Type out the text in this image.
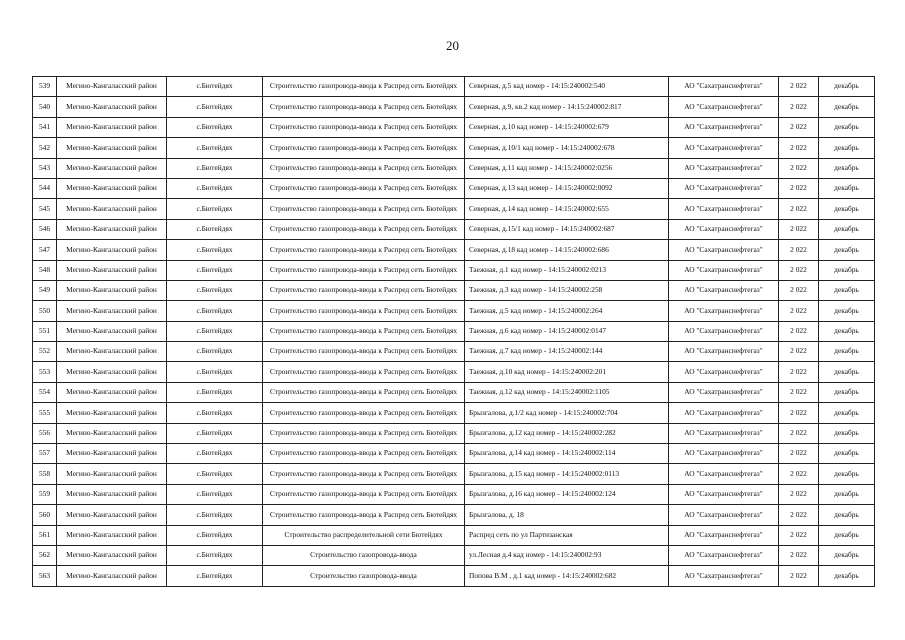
20
539	Мегино-Кангаласский район	с.Бютейдях	Строительство газопровода-ввода к Распред сеть Бютейдях	Северная, д.5 кад номер - 14:15:240002:540	АО "Сахатранснефтегаз"	2 022	декабрь
540	Мегино-Кангаласский район	с.Бютейдях	Строительство газопровода-ввода к Распред сеть Бютейдях	Северная, д.9, кв.2 кад номер - 14:15:240002:817	АО "Сахатранснефтегаз"	2 022	декабрь
541	Мегино-Кангаласский район	с.Бютейдях	Строительство газопровода-ввода к Распред сеть Бютейдях	Северная, д.10 кад номер - 14:15:240002:679	АО "Сахатранснефтегаз"	2 022	декабрь
542	Мегино-Кангаласский район	с.Бютейдях	Строительство газопровода-ввода к Распред сеть Бютейдях	Северная, д.10/1 кад номер - 14:15:240002:678	АО "Сахатранснефтегаз"	2 022	декабрь
543	Мегино-Кангаласский район	с.Бютейдях	Строительство газопровода-ввода к Распред сеть Бютейдях	Северная, д.11 кад номер - 14:15:240002:0256	АО "Сахатранснефтегаз"	2 022	декабрь
544	Мегино-Кангаласский район	с.Бютейдях	Строительство газопровода-ввода к Распред сеть Бютейдях	Северная, д.13 кад номер - 14:15:240002:0092	АО "Сахатранснефтегаз"	2 022	декабрь
545	Мегино-Кангаласский район	с.Бютейдях	Строительство газопровода-ввода к Распред сеть Бютейдях	Северная, д.14 кад номер - 14:15:240002:655	АО "Сахатранснефтегаз"	2 022	декабрь
546	Мегино-Кангаласский район	с.Бютейдях	Строительство газопровода-ввода к Распред сеть Бютейдях	Северная, д.15/1 кад номер - 14:15:240002:687	АО "Сахатранснефтегаз"	2 022	декабрь
547	Мегино-Кангаласский район	с.Бютейдях	Строительство газопровода-ввода к Распред сеть Бютейдях	Северная, д.18 кад номер - 14:15:240002:686	АО "Сахатранснефтегаз"	2 022	декабрь
548	Мегино-Кангаласский район	с.Бютейдях	Строительство газопровода-ввода к Распред сеть Бютейдях	Таежная, д.1 кад номер - 14:15:240002:0213	АО "Сахатранснефтегаз"	2 022	декабрь
549	Мегино-Кангаласский район	с.Бютейдях	Строительство газопровода-ввода к Распред сеть Бютейдях	Таежная, д.3 кад номер - 14:15:240002:258	АО "Сахатранснефтегаз"	2 022	декабрь
550	Мегино-Кангаласский район	с.Бютейдях	Строительство газопровода-ввода к Распред сеть Бютейдях	Таежная, д.5 кад номер - 14:15:240002:264	АО "Сахатранснефтегаз"	2 022	декабрь
551	Мегино-Кангаласский район	с.Бютейдях	Строительство газопровода-ввода к Распред сеть Бютейдях	Таежная, д.6 кад номер - 14:15:240002:0147	АО "Сахатранснефтегаз"	2 022	декабрь
552	Мегино-Кангаласский район	с.Бютейдях	Строительство газопровода-ввода к Распред сеть Бютейдях	Таежная, д.7 кад номер - 14:15:240002:144	АО "Сахатранснефтегаз"	2 022	декабрь
553	Мегино-Кангаласский район	с.Бютейдях	Строительство газопровода-ввода к Распред сеть Бютейдях	Таежная, д.10 кад номер - 14:15:240002:201	АО "Сахатранснефтегаз"	2 022	декабрь
554	Мегино-Кангаласский район	с.Бютейдях	Строительство газопровода-ввода к Распред сеть Бютейдях	Таежная, д.12 кад номер - 14:15:240002:1105	АО "Сахатранснефтегаз"	2 022	декабрь
555	Мегино-Кангаласский район	с.Бютейдях	Строительство газопровода-ввода к Распред сеть Бютейдях	Брызгалова, д.1/2 кад номер - 14:15:240002:704	АО "Сахатранснефтегаз"	2 022	декабрь
556	Мегино-Кангаласский район	с.Бютейдях	Строительство газопровода-ввода к Распред сеть Бютейдях	Брызгалова, д.12 кад номер - 14:15:240002:282	АО "Сахатранснефтегаз"	2 022	декабрь
557	Мегино-Кангаласский район	с.Бютейдях	Строительство газопровода-ввода к Распред сеть Бютейдях	Брызгалова, д.14 кад номер - 14:15:240002:114	АО "Сахатранснефтегаз"	2 022	декабрь
558	Мегино-Кангаласский район	с.Бютейдях	Строительство газопровода-ввода к Распред сеть Бютейдях	Брызгалова, д.15 кад номер - 14:15:240002:0113	АО "Сахатранснефтегаз"	2 022	декабрь
559	Мегино-Кангаласский район	с.Бютейдях	Строительство газопровода-ввода к Распред сеть Бютейдях	Брызгалова, д.16 кад номер - 14:15:240002:124	АО "Сахатранснефтегаз"	2 022	декабрь
560	Мегино-Кангаласский район	с.Бютейдях	Строительство газопровода-ввода к Распред сеть Бютейдях	Брызгалова, д. 18	АО "Сахатранснефтегаз"	2 022	декабрь
561	Мегино-Кангаласский район	с.Бютейдях	Строительство распределительной сети Бютейдях	Распред сеть по ул Партизанская	АО "Сахатранснефтегаз"	2 022	декабрь
562	Мегино-Кангаласский район	с.Бютейдях	Строительство газопровода-ввода	ул.Лесная д.4 кад номер - 14:15:240002:93	АО "Сахатранснефтегаз"	2 022	декабрь
563	Мегино-Кангаласский район	с.Бютейдях	Строительство газопровода-ввода	Попова В.М , д.1 кад номер - 14:15:240002:682	АО "Сахатранснефтегаз"	2 022	декабрь
